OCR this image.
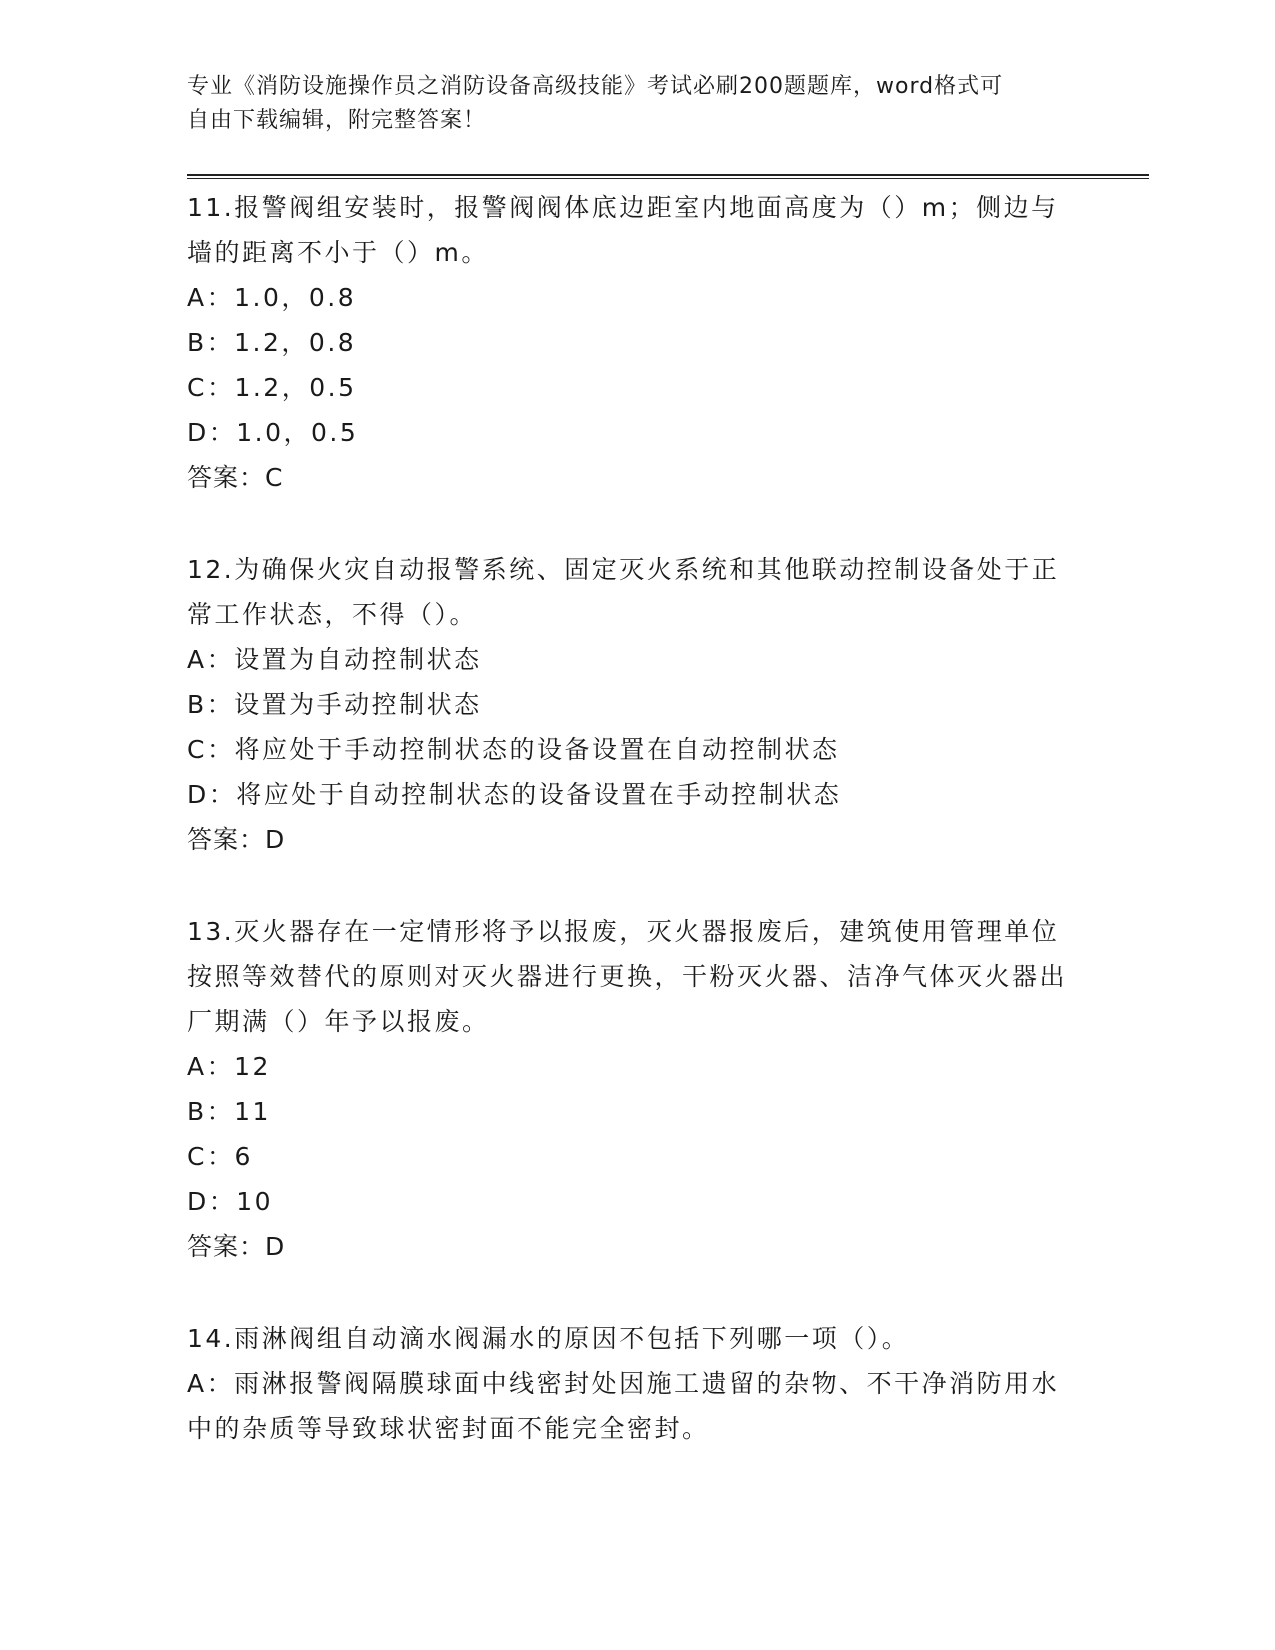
专业《消防设施操作员之消防设备高级技能》考试必刷200题题库，word格式可
自由下载编辑，附完整答案！

11.报警阀组安装时，报警阀阀体底边距室内地面高度为（）m；侧边与墙的距离不小于（）m。

A：1.0，0.8

B：1.2，0.8

C：1.2，0.5

D：1.0，0.5

答案：C

12.为确保火灾自动报警系统、固定灭火系统和其他联动控制设备处于正常工作状态，不得（）。

A：设置为自动控制状态

B：设置为手动控制状态

C：将应处于手动控制状态的设备设置在自动控制状态

D：将应处于自动控制状态的设备设置在手动控制状态

答案：D

13.灭火器存在一定情形将予以报废，灭火器报废后，建筑使用管理单位按照等效替代的原则对灭火器进行更换，干粉灭火器、洁净气体灭火器出厂期满（）年予以报废。

A：12

B：11

C：6

D：10

答案：D

14.雨淋阀组自动滴水阀漏水的原因不包括下列哪一项（）。

A：雨淋报警阀隔膜球面中线密封处因施工遗留的杂物、不干净消防用水中的杂质等导致球状密封面不能完全密封。
